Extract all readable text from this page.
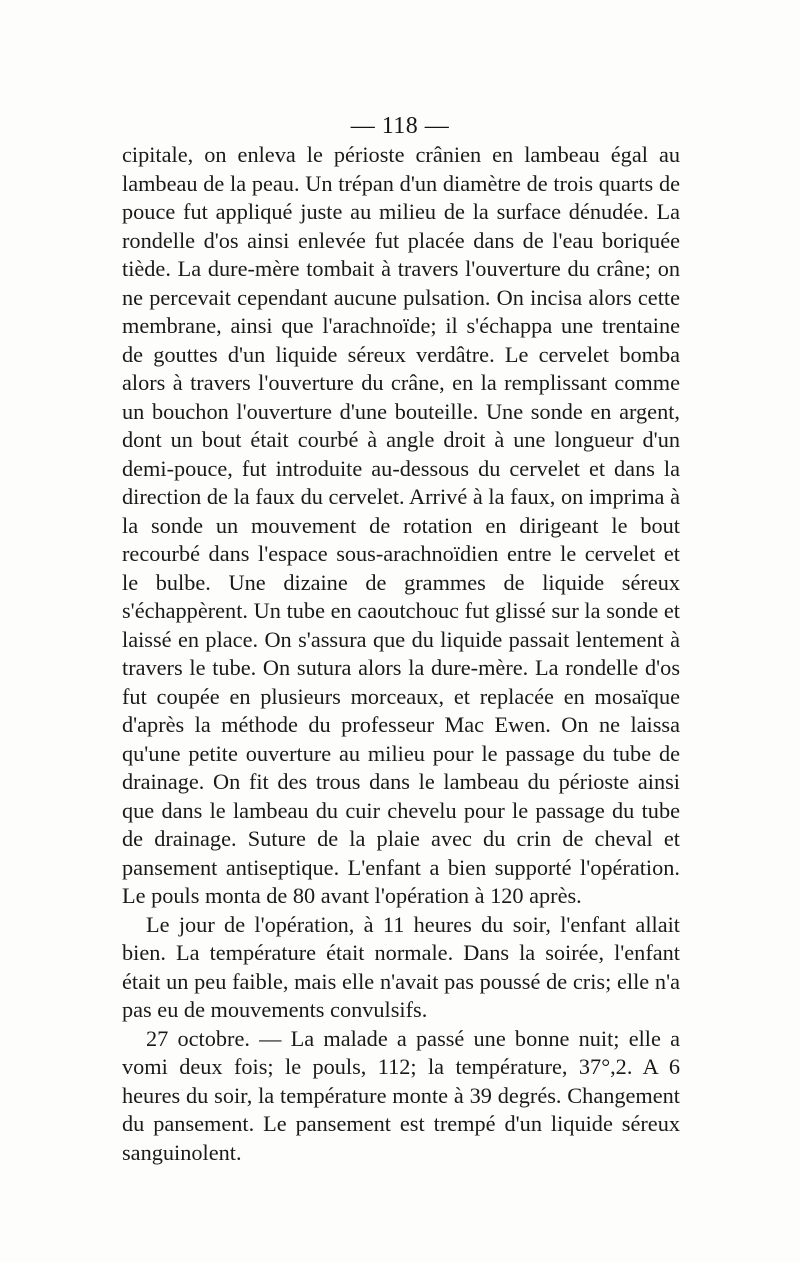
— 118 —

cipitale, on enleva le périoste crânien en lambeau égal au lambeau de la peau. Un trépan d'un diamètre de trois quarts de pouce fut appliqué juste au milieu de la surface dénudée. La rondelle d'os ainsi enlevée fut placée dans de l'eau boriquée tiède. La dure-mère tombait à travers l'ouverture du crâne; on ne percevait cependant aucune pulsation. On incisa alors cette membrane, ainsi que l'arachnoïde; il s'échappa une trentaine de gouttes d'un liquide séreux verdâtre. Le cervelet bomba alors à travers l'ouverture du crâne, en la remplissant comme un bouchon l'ouverture d'une bouteille. Une sonde en argent, dont un bout était courbé à angle droit à une longueur d'un demi-pouce, fut introduite au-dessous du cervelet et dans la direction de la faux du cervelet. Arrivé à la faux, on imprima à la sonde un mouvement de rotation en dirigeant le bout recourbé dans l'espace sous-arachnoïdien entre le cervelet et le bulbe. Une dizaine de grammes de liquide séreux s'échappèrent. Un tube en caoutchouc fut glissé sur la sonde et laissé en place. On s'assura que du liquide passait lentement à travers le tube. On sutura alors la dure-mère. La rondelle d'os fut coupée en plusieurs morceaux, et replacée en mosaïque d'après la méthode du professeur Mac Ewen. On ne laissa qu'une petite ouverture au milieu pour le passage du tube de drainage. On fit des trous dans le lambeau du périoste ainsi que dans le lambeau du cuir chevelu pour le passage du tube de drainage. Suture de la plaie avec du crin de cheval et pansement antiseptique. L'enfant a bien supporté l'opération. Le pouls monta de 80 avant l'opération à 120 après.

Le jour de l'opération, à 11 heures du soir, l'enfant allait bien. La température était normale. Dans la soirée, l'enfant était un peu faible, mais elle n'avait pas poussé de cris; elle n'a pas eu de mouvements convulsifs.

27 octobre. — La malade a passé une bonne nuit; elle a vomi deux fois; le pouls, 112; la température, 37°,2. A 6 heures du soir, la température monte à 39 degrés. Changement du pansement. Le pansement est trempé d'un liquide séreux sanguinolent.
